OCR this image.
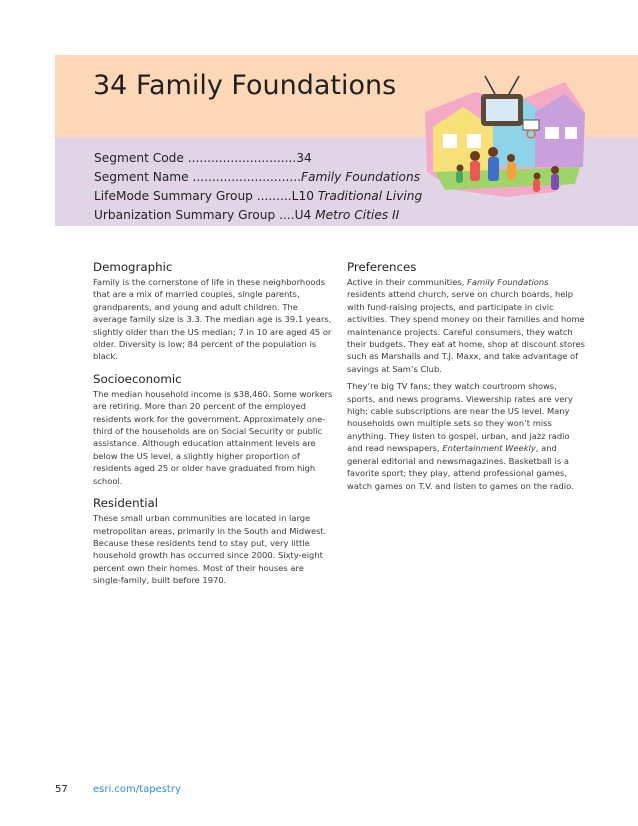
34 Family Foundations
Segment Code ............................34
Segment Name ............................Family Foundations
LifeMode Summary Group .........L10 Traditional Living
Urbanization Summary Group ....U4 Metro Cities II
Demographic

Family is the cornerstone of life in these neighborhoods that are a mix of married couples, single parents, grandparents, and young and adult children. The average family size is 3.3. The median age is 39.1 years, slightly older than the US median; 7 in 10 are aged 45 or older. Diversity is low; 84 percent of the population is black.

Socioeconomic

The median household income is $38,460. Some workers are retiring. More than 20 percent of the employed residents work for the government. Approximately one-third of the households are on Social Security or public assistance. Although education attainment levels are below the US level, a slightly higher proportion of residents aged 25 or older have graduated from high school.

Residential

These small urban communities are located in large metropolitan areas, primarily in the South and Midwest. Because these residents tend to stay put, very little household growth has occurred since 2000. Sixty-eight percent own their homes. Most of their houses are single-family, built before 1970.

Preferences

Active in their communities, Family Foundations residents attend church, serve on church boards, help with fund-raising projects, and participate in civic activities. They spend money on their families and home maintenance projects. Careful consumers, they watch their budgets. They eat at home, shop at discount stores such as Marshalls and T.J. Maxx, and take advantage of savings at Sam’s Club.

They’re big TV fans; they watch courtroom shows, sports, and news programs. Viewership rates are very high; cable subscriptions are near the US level. Many households own multiple sets so they won’t miss anything. They listen to gospel, urban, and jazz radio and read newspapers, Entertainment Weekly, and general editorial and newsmagazines. Basketball is a favorite sport; they play, attend professional games, watch games on T.V. and listen to games on the radio.

57	esri.com/tapestry
